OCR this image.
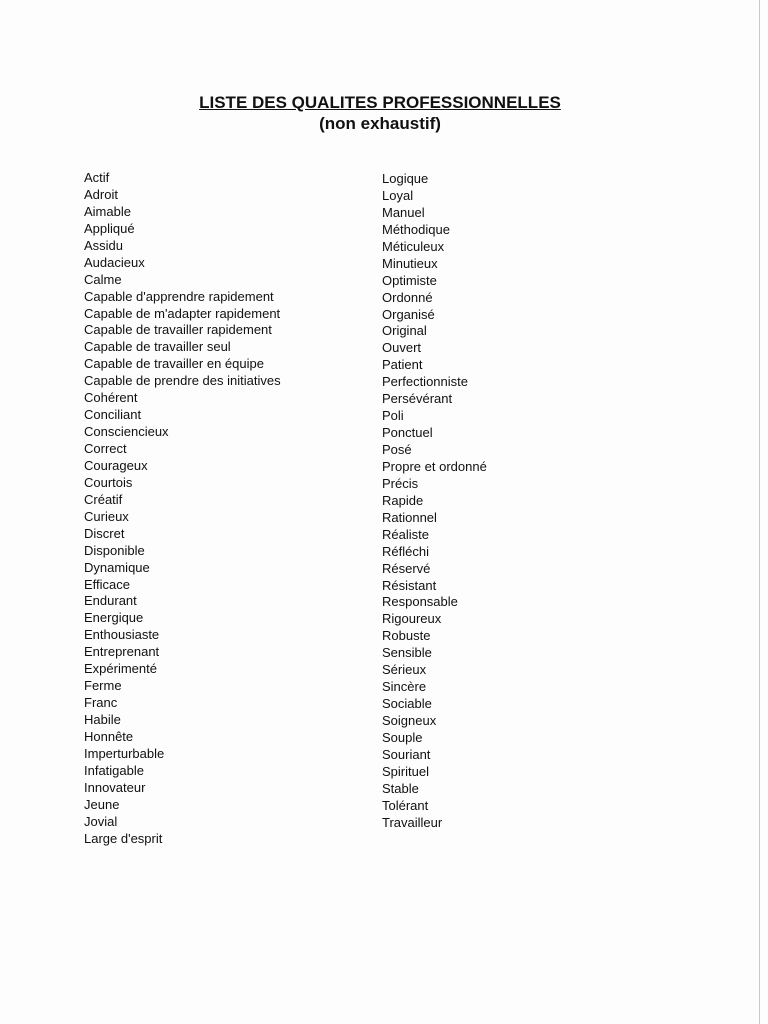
LISTE DES QUALITES PROFESSIONNELLES
(non exhaustif)
Actif
Adroit
Aimable
Appliqué
Assidu
Audacieux
Calme
Capable d'apprendre rapidement
Capable de m'adapter rapidement
Capable de travailler rapidement
Capable de travailler seul
Capable de travailler en équipe
Capable de prendre des initiatives
Cohérent
Conciliant
Consciencieux
Correct
Courageux
Courtois
Créatif
Curieux
Discret
Disponible
Dynamique
Efficace
Endurant
Energique
Enthousiaste
Entreprenant
Expérimenté
Ferme
Franc
Habile
Honnête
Imperturbable
Infatigable
Innovateur
Jeune
Jovial
Large d'esprit
Logique
Loyal
Manuel
Méthodique
Méticuleux
Minutieux
Optimiste
Ordonné
Organisé
Original
Ouvert
Patient
Perfectionniste
Persévérant
Poli
Ponctuel
Posé
Propre et ordonné
Précis
Rapide
Rationnel
Réaliste
Réfléchi
Réservé
Résistant
Responsable
Rigoureux
Robuste
Sensible
Sérieux
Sincère
Sociable
Soigneux
Souple
Souriant
Spirituel
Stable
Tolérant
Travailleur
